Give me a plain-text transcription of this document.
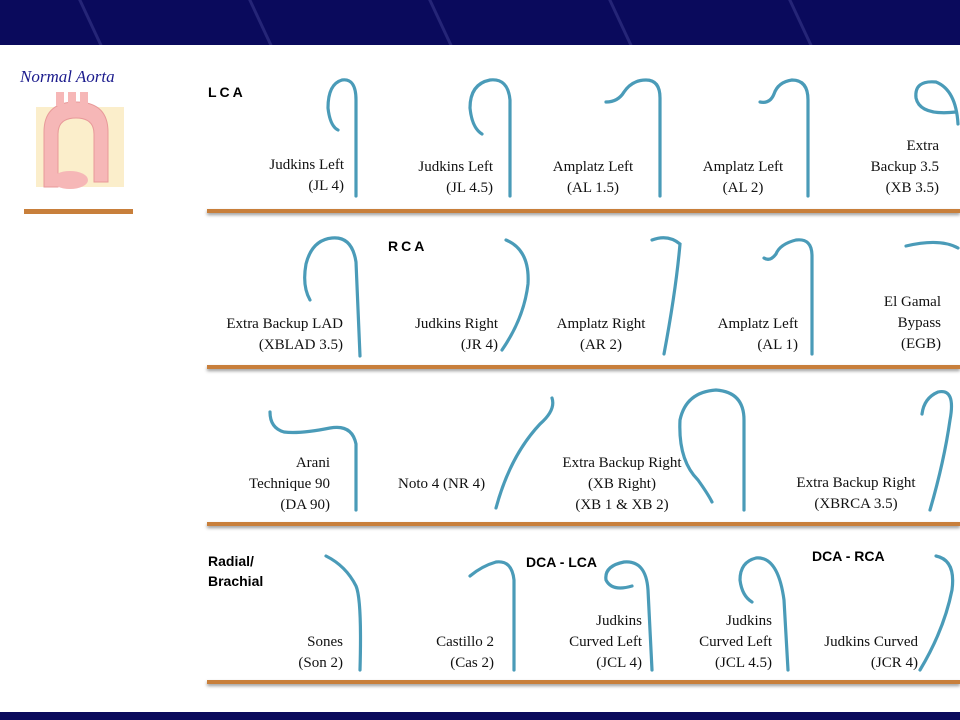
Normal Aorta
LCA
RCA
Radial/
Brachial
DCA - LCA	DCA - RCA
Judkins Left
(JL 4)
Judkins Left
(JL 4.5)
Amplatz Left
(AL 1.5)
Amplatz Left
(AL 2)
Extra
Backup 3.5
(XB 3.5)
Extra Backup LAD
(XBLAD 3.5)
Judkins Right
(JR 4)
Amplatz Right
(AR 2)
Amplatz Left
(AL 1)
El Gamal
Bypass
(EGB)
Arani
Technique 90
(DA 90)
Noto 4 (NR 4)
Extra Backup Right
(XB Right)
(XB 1 & XB 2)
Extra Backup Right
(XBRCA 3.5)
Sones
(Son 2)
Castillo 2
(Cas 2)
Judkins
Curved Left
(JCL 4)
Judkins
Curved Left
(JCL 4.5)
Judkins Curved
(JCR 4)
